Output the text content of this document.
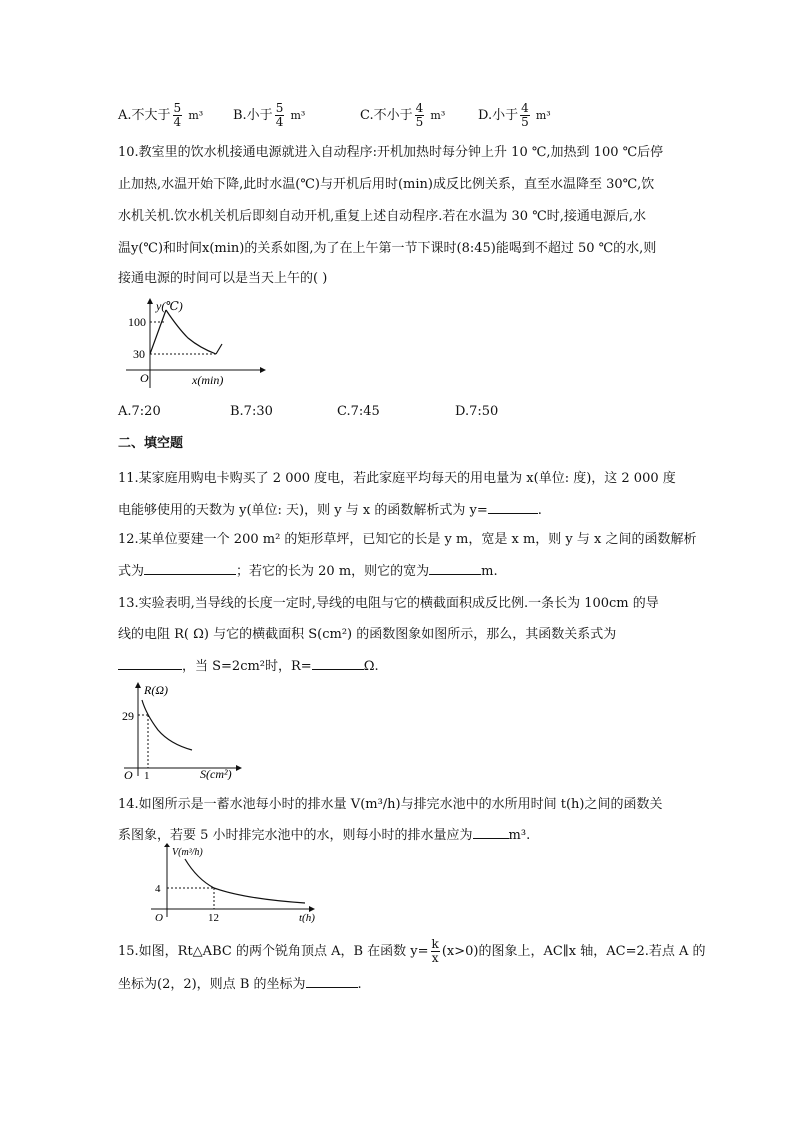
A.不大于 $\frac{5}{4} m^3$ B.小于 $\frac{5}{4} m^3$	C.不小于 $\frac{4}{5} m^3$	D.小于 $\frac{4}{5} m^3$
10.教室里的饮水机接通电源就进入自动程序:开机加热时每分钟上升 10 ℃,加热到 100 ℃后停
止加热,水温开始下降,此时水温(℃)与开机后用时(min)成反比例关系，直至水温降至 30℃,饮
水机关机.饮水机关机后即刻自动开机,重复上述自动程序.若在水温为 30 ℃时,接通电源后,水
温y(℃)和时间x(min)的关系如图,为了在上午第一节下课时(8:45)能喝到不超过 50 ℃的水,则
接通电源的时间可以是当天上午的( )
y(℃)
x(min)
O
100
30
A.7:20	B.7:30	C.7:45	D.7:50
二、填空题
11.某家庭用购电卡购买了 2 000 度电，若此家庭平均每天的用电量为 x(单位: 度)，这 2 000 度
电能够使用的天数为 y(单位: 天)，则 y 与 x 的函数解析式为 y=	.
12.某单位要建一个 200 m² 的矩形草坪，已知它的长是 y m，宽是 x m，则 y 与 x 之间的函数解析
式为	；若它的长为 20 m，则它的宽为	m.
13.实验表明,当导线的长度一定时,导线的电阻与它的横截面积成反比例.一条长为 100cm 的导
线的电阻 R( Ω) 与它的横截面积 S(cm²) 的函数图象如图所示，那么，其函数关系式为
，当 S=2cm²时，R=	Ω.
R(Ω)
S(cm²)
O
29
1
14.如图所示是一蓄水池每小时的排水量 V(m³/h)与排完水池中的水所用时间 t(h)之间的函数关
系图象，若要 5 小时排完水池中的水，则每小时的排水量应为	m³.
V(m³/h)
t(h)
O
4
12
15.如图，Rt△ABC 的两个锐角顶点 A，B 在函数 $y= \frac{k}{x} (x>0)$的图象上，AC∥x 轴，AC=2.若点 A 的
坐标为(2，2)，则点 B 的坐标为	.
